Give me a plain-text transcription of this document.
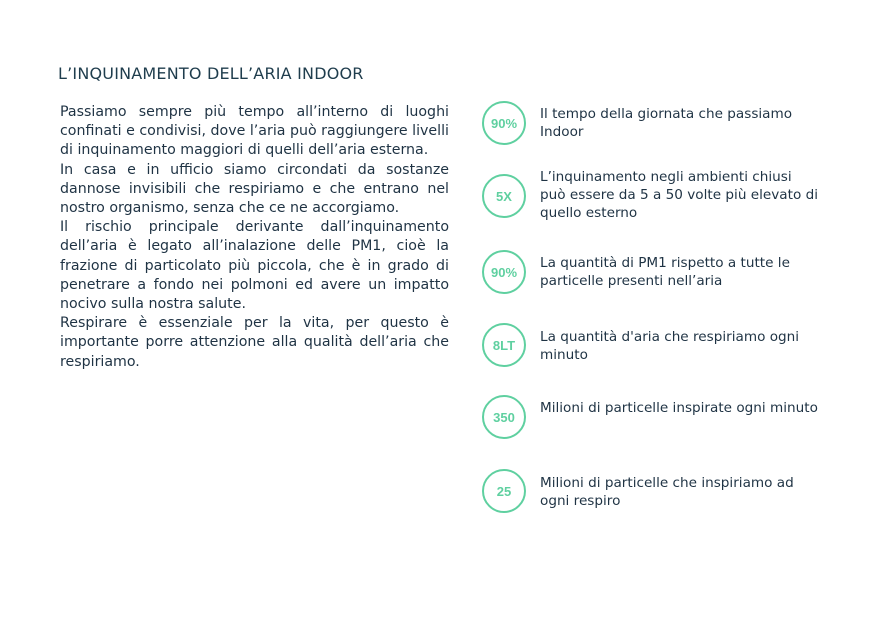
L’INQUINAMENTO DELL’ARIA INDOOR

Passiamo sempre più tempo all’interno di luoghi confinati e condivisi, dove l’aria può raggiungere livelli di inquinamento maggiori di quelli dell’aria esterna.

In casa e in ufficio siamo circondati da sostanze dannose invisibili che respiriamo e che entrano nel nostro organismo, senza che ce ne accorgiamo.

Il rischio principale derivante dall’inquinamento dell’aria è legato all’inalazione delle PM1, cioè la frazione di particolato più piccola, che è in grado di penetrare a fondo nei polmoni ed avere un impatto nocivo sulla nostra salute.

Respirare è essenziale per la vita, per questo è importante porre attenzione alla qualità dell’aria che respiriamo.

90%
Il tempo della giornata che passiamo Indoor
5X
L’inquinamento negli ambienti chiusi può essere da 5 a 50 volte più elevato di quello esterno
90%
La quantità di PM1 rispetto a tutte le particelle presenti nell’aria
8LT La quantità d'aria che respiriamo ogni minuto
350
Milioni di particelle inspirate ogni minuto
25 Milioni di particelle che inspiriamo ad ogni respiro
